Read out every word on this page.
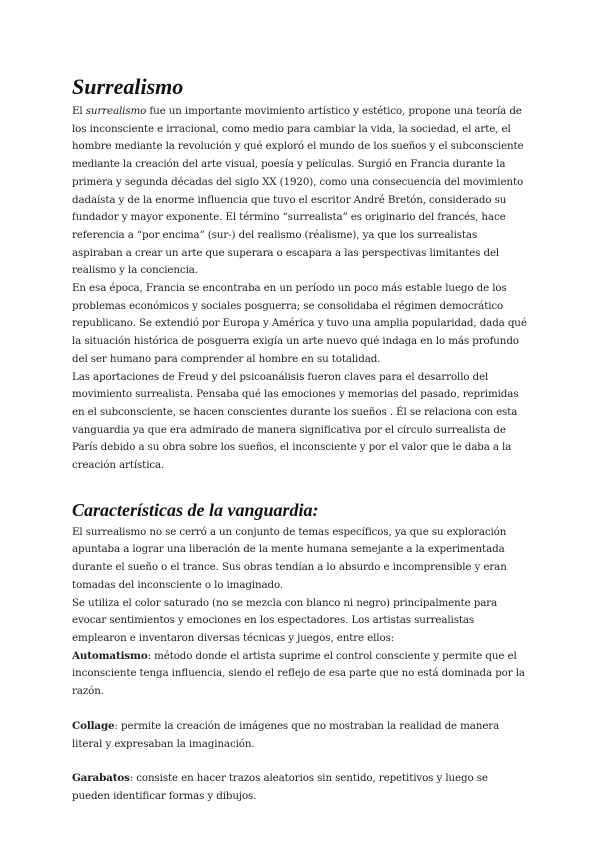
Surrealismo

El surrealismo fue un importante movimiento artístico y estético, propone una teoría de los inconsciente e irracional, como medio para cambiar la vida, la sociedad, el arte, el hombre mediante la revolución y qué exploró el mundo de los sueños y el subconsciente mediante la creación del arte visual, poesía y películas. Surgió en Francia durante la primera y segunda décadas del siglo XX (1920), como una consecuencia del movimiento dadaísta y de la enorme influencia que tuvo el escritor André Bretón, considerado su fundador y mayor exponente. El término “surrealista” es originario del francés, hace referencia a “por encima” (sur-) del realismo (réalisme), ya que los surrealistas aspiraban a crear un arte que superara o escapara a las perspectivas limitantes del realismo y la conciencia.

En esa época, Francia se encontraba en un período un poco más estable luego de los problemas económicos y sociales posguerra; se consolidaba el régimen democrático republicano. Se extendió por Europa y América y tuvo una amplia popularidad, dada qué la situación histórica de posguerra exigía un arte nuevo qué indaga en lo más profundo del ser humano para comprender al hombre en su totalidad.

Las aportaciones de Freud y del psicoanálisis fueron claves para el desarrollo del movimiento surrealista. Pensaba qué las emociones y memorias del pasado, reprimidas en el subconsciente, se hacen conscientes durante los sueños . Él se relaciona con esta vanguardia ya que era admirado de manera significativa por el círculo surrealista de París debido a su obra sobre los sueños, el inconsciente y por el valor que le daba a la creación artística.

Características de la vanguardia:

El surrealismo no se cerró a un conjunto de temas específicos, ya que su exploración apuntaba a lograr una liberación de la mente humana semejante a la experimentada durante el sueño o el trance. Sus obras tendían a lo absurdo e incomprensible y eran tomadas del inconsciente o lo imaginado.

Se utiliza el color saturado (no se mezcla con blanco ni negro) principalmente para evocar sentimientos y emociones en los espectadores. Los artistas surrealistas emplearon e inventaron diversas técnicas y juegos, entre ellos:

Automatismo: método donde el artista suprime el control consciente y permite que el inconsciente tenga influencia, siendo el reflejo de esa parte que no está dominada por la razón.

Collage: permite la creación de imágenes que no mostraban la realidad de manera literal y expresaban la imaginación.

Garabatos: consiste en hacer trazos aleatorios sin sentido, repetitivos y luego se pueden identificar formas y dibujos.
